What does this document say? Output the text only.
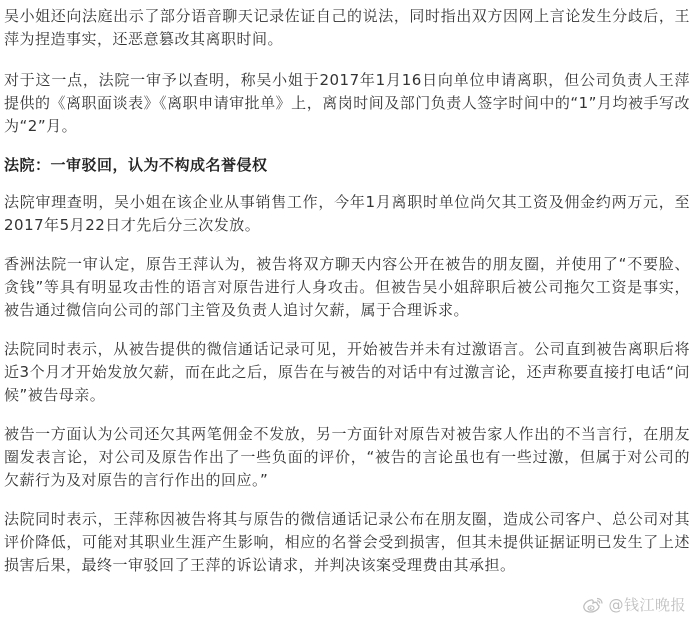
吴小姐还向法庭出示了部分语音聊天记录佐证自己的说法，同时指出双方因网上言论发生分歧后，王萍为捏造事实，还恶意篡改其离职时间。

对于这一点，法院一审予以查明，称吴小姐于2017年1月16日向单位申请离职，但公司负责人王萍提供的《离职面谈表》《离职申请审批单》上，离岗时间及部门负责人签字时间中的“1”月均被手写改为“2”月。

法院：一审驳回，认为不构成名誉侵权

法院审理查明，吴小姐在该企业从事销售工作，今年1月离职时单位尚欠其工资及佣金约两万元，至2017年5月22日才先后分三次发放。

香洲法院一审认定，原告王萍认为，被告将双方聊天内容公开在被告的朋友圈，并使用了“不要脸、贪钱”等具有明显攻击性的语言对原告进行人身攻击。但被告吴小姐辞职后被公司拖欠工资是事实，被告通过微信向公司的部门主管及负责人追讨欠薪，属于合理诉求。

法院同时表示，从被告提供的微信通话记录可见，开始被告并未有过激语言。公司直到被告离职后将近3个月才开始发放欠薪，而在此之后，原告在与被告的对话中有过激言论，还声称要直接打电话“问候”被告母亲。

被告一方面认为公司还欠其两笔佣金不发放，另一方面针对原告对被告家人作出的不当言行，在朋友圈发表言论，对公司及原告作出了一些负面的评价，“被告的言论虽也有一些过激，但属于对公司的欠薪行为及对原告的言行作出的回应。”

法院同时表示，王萍称因被告将其与原告的微信通话记录公布在朋友圈，造成公司客户、总公司对其评价降低，可能对其职业生涯产生影响，相应的名誉会受到损害，但其未提供证据证明已发生了上述损害后果，最终一审驳回了王萍的诉讼请求，并判决该案受理费由其承担。

@钱江晚报
